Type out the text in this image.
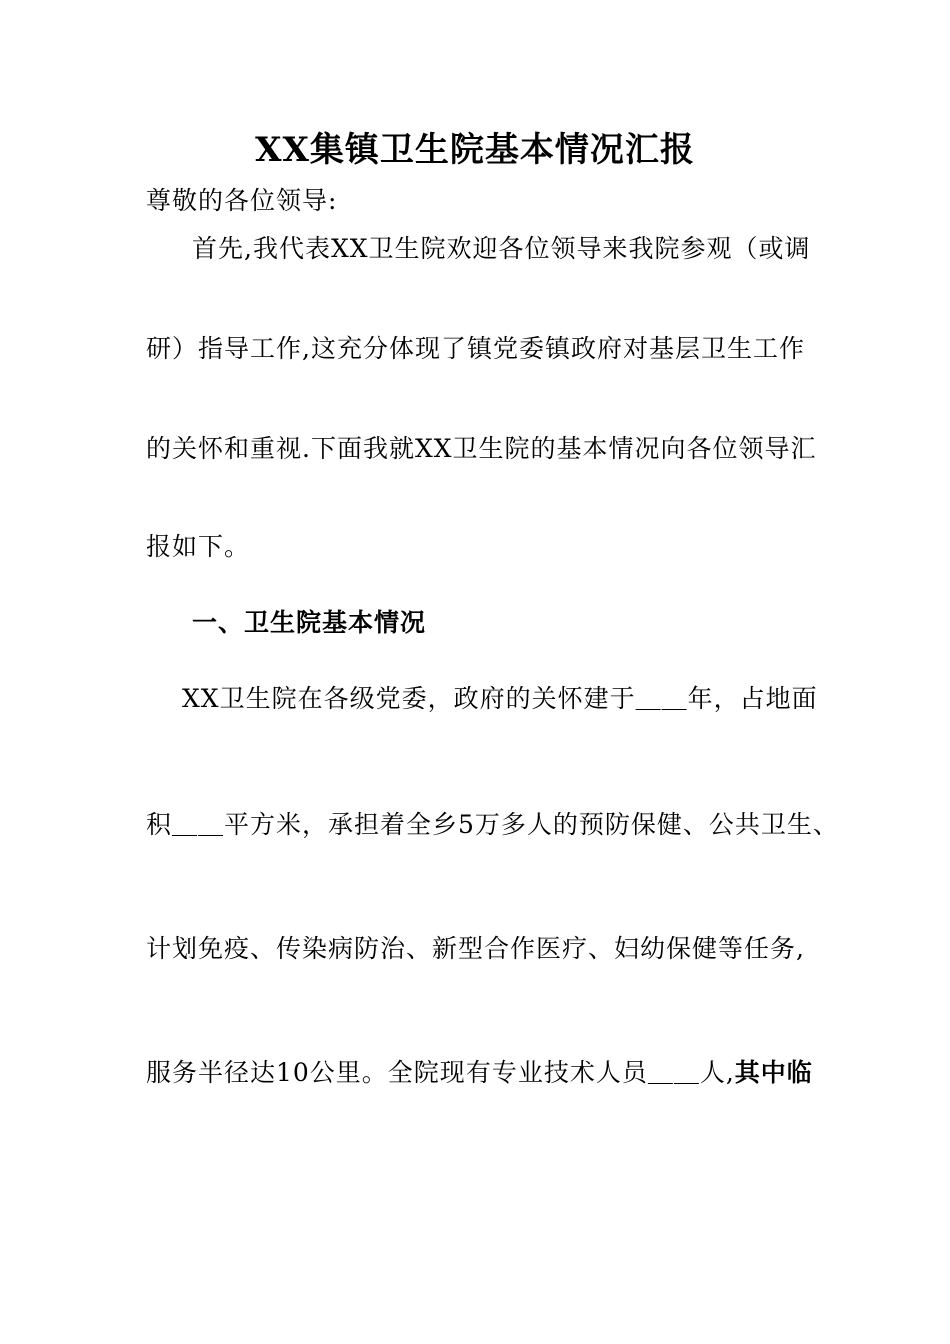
XX集镇卫生院基本情况汇报
尊敬的各位领导:
首先,我代表XX卫生院欢迎各位领导来我院参观（或调
研）指导工作,这充分体现了镇党委镇政府对基层卫生工作
的关怀和重视.下面我就XX卫生院的基本情况向各位领导汇
报如下。
一、卫生院基本情况
XX卫生院在各级党委，政府的关怀建于＿＿年，占地面
积＿＿平方米，承担着全乡5万多人的预防保健、公共卫生、
计划免疫、传染病防治、新型合作医疗、妇幼保健等任务,
服务半径达10公里。全院现有专业技术人员＿＿人,其中临
